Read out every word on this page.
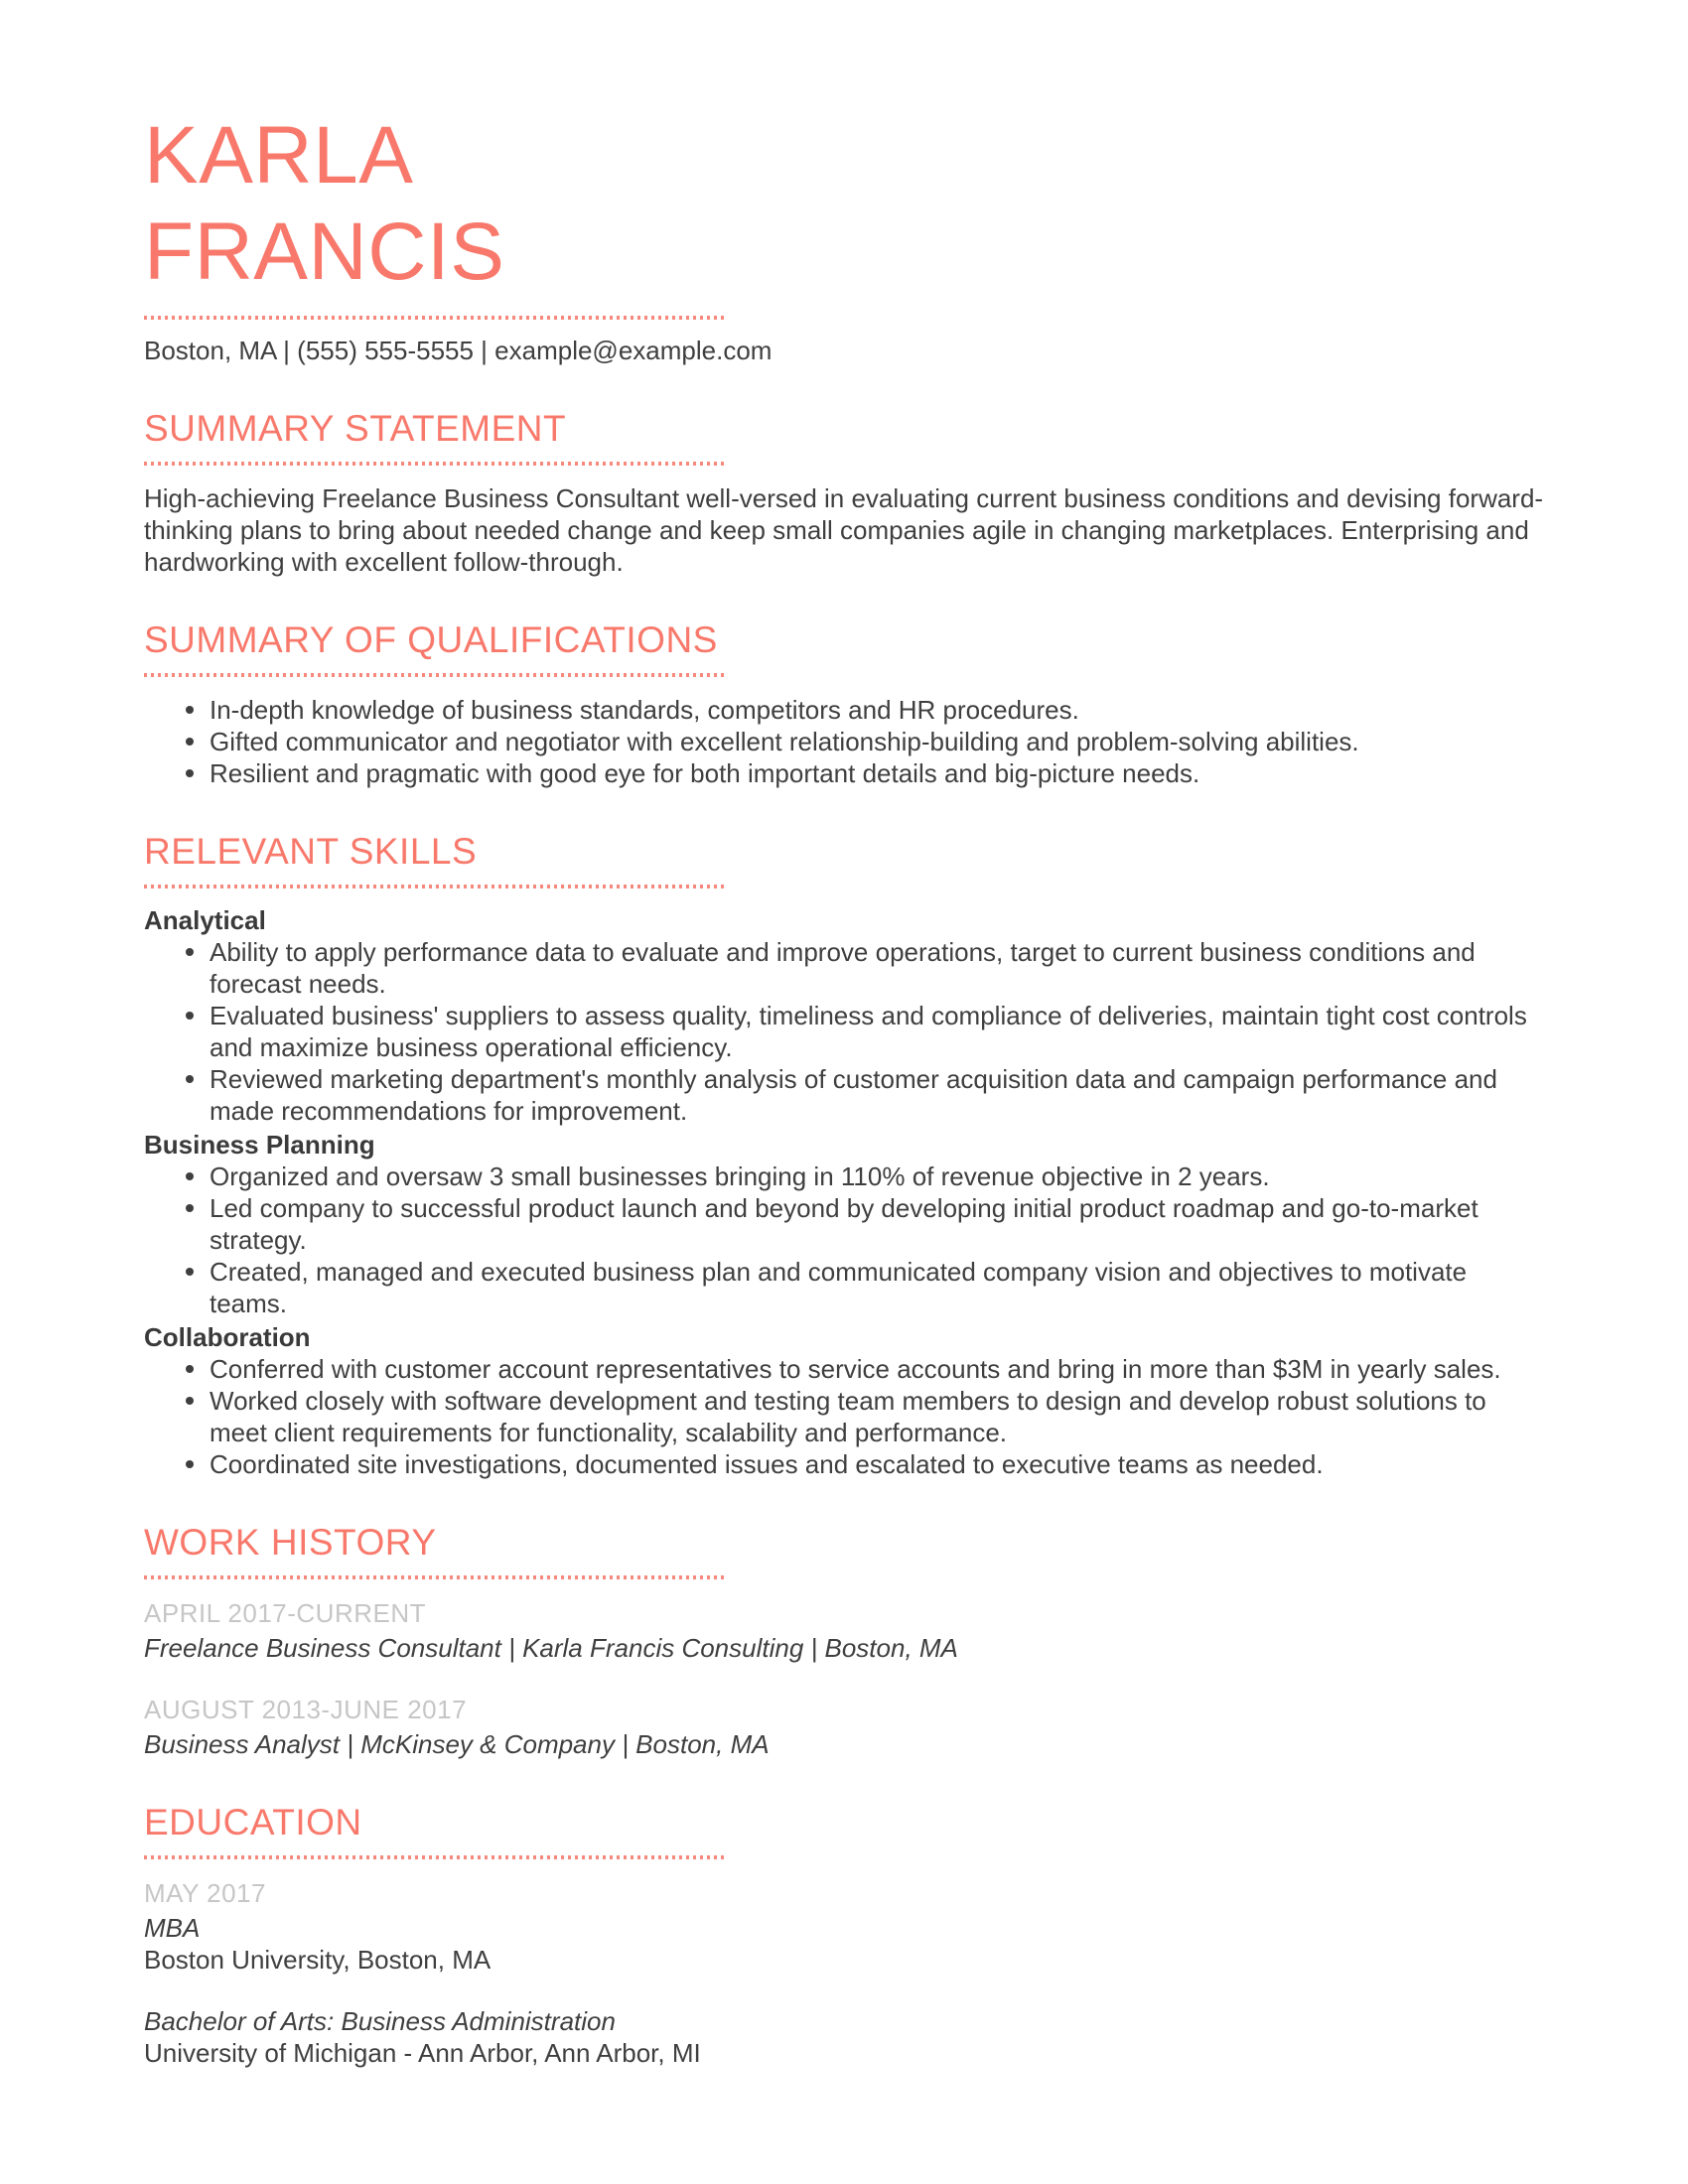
KARLA
FRANCIS
Boston, MA | (555) 555-5555 | example@example.com
SUMMARY STATEMENT

High-achieving Freelance Business Consultant well-versed in evaluating current business conditions and devising forward-thinking plans to bring about needed change and keep small companies agile in changing marketplaces. Enterprising and hardworking with excellent follow-through.

SUMMARY OF QUALIFICATIONS
In-depth knowledge of business standards, competitors and HR procedures.
Gifted communicator and negotiator with excellent relationship-building and problem-solving abilities.
Resilient and pragmatic with good eye for both important details and big-picture needs.
RELEVANT SKILLS
Analytical
Ability to apply performance data to evaluate and improve operations, target to current business conditions and forecast needs.
Evaluated business' suppliers to assess quality, timeliness and compliance of deliveries, maintain tight cost controls and maximize business operational efficiency.
Reviewed marketing department's monthly analysis of customer acquisition data and campaign performance and made recommendations for improvement.
Business Planning
Organized and oversaw 3 small businesses bringing in 110% of revenue objective in 2 years.
Led company to successful product launch and beyond by developing initial product roadmap and go-to-market strategy.
Created, managed and executed business plan and communicated company vision and objectives to motivate teams.
Collaboration
Conferred with customer account representatives to service accounts and bring in more than $3M in yearly sales.
Worked closely with software development and testing team members to design and develop robust solutions to meet client requirements for functionality, scalability and performance.
Coordinated site investigations, documented issues and escalated to executive teams as needed.
WORK HISTORY
APRIL 2017-CURRENT
Freelance Business Consultant | Karla Francis Consulting | Boston, MA
AUGUST 2013-JUNE 2017
Business Analyst | McKinsey & Company | Boston, MA
EDUCATION
MAY 2017
MBA
Boston University, Boston, MA
Bachelor of Arts: Business Administration
University of Michigan - Ann Arbor, Ann Arbor, MI
